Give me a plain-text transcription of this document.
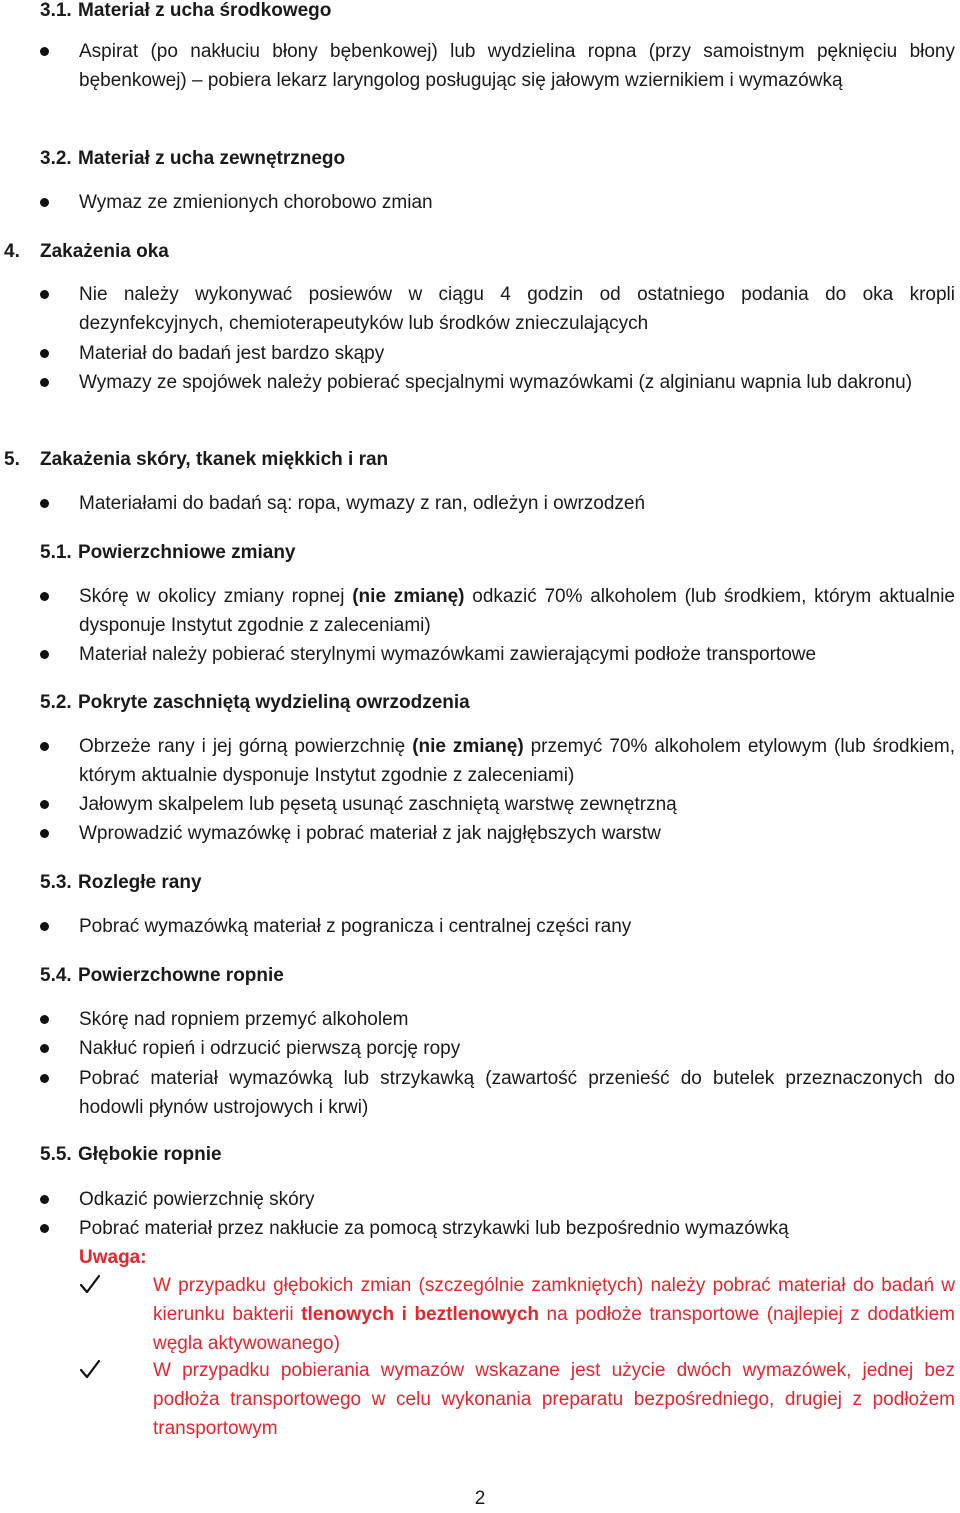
3.1. Materiał z ucha środkowego
Aspirat (po nakłuciu błony bębenkowej) lub wydzielina ropna (przy samoistnym pęknięciu błony bębenkowej) – pobiera lekarz laryngolog posługując się jałowym wziernikiem i wymazówką
3.2. Materiał z ucha zewnętrznego
Wymaz ze zmienionych chorobowo zmian
4. Zakażenia oka
Nie należy wykonywać posiewów w ciągu 4 godzin od ostatniego podania do oka kropli dezynfekcyjnych, chemioterapeutyków lub środków znieczulających
Materiał do badań jest bardzo skąpy
Wymazy ze spojówek należy pobierać specjalnymi wymazówkami (z alginianu wapnia lub dakronu)
5. Zakażenia skóry, tkanek miękkich i ran
Materiałami do badań są: ropa, wymazy z ran, odleżyn i owrzodzeń
5.1. Powierzchniowe zmiany
Skórę w okolicy zmiany ropnej (nie zmianę) odkazić 70% alkoholem (lub środkiem, którym aktualnie dysponuje Instytut zgodnie z zaleceniami)
Materiał należy pobierać sterylnymi wymazówkami zawierającymi podłoże transportowe
5.2. Pokryte zaschniętą wydzieliną owrzodzenia
Obrzeże rany i jej górną powierzchnię (nie zmianę) przemyć 70% alkoholem etylowym (lub środkiem, którym aktualnie dysponuje Instytut zgodnie z zaleceniami)
Jałowym skalpelem lub pęsetą usunąć zaschniętą warstwę zewnętrzną
Wprowadzić wymazówkę i pobrać materiał z jak najgłębszych warstw
5.3. Rozległe rany
Pobrać wymazówką materiał z pogranicza i centralnej części rany
5.4. Powierzchowne ropnie
Skórę nad ropniem przemyć alkoholem
Nakłuć ropień i odrzucić pierwszą porcję ropy
Pobrać materiał wymazówką lub strzykawką (zawartość przenieść do butelek przeznaczonych do hodowli płynów ustrojowych i krwi)
5.5. Głębokie ropnie
Odkazić powierzchnię skóry
Pobrać materiał przez nakłucie za pomocą strzykawki lub bezpośrednio wymazówką
Uwaga:
W przypadku głębokich zmian (szczególnie zamkniętych) należy pobrać materiał do badań w kierunku bakterii tlenowych i beztlenowych na podłoże transportowe (najlepiej z dodatkiem węgla aktywowanego)
W przypadku pobierania wymazów wskazane jest użycie dwóch wymazówek, jednej bez podłoża transportowego w celu wykonania preparatu bezpośredniego, drugiej z podłożem transportowym
2
